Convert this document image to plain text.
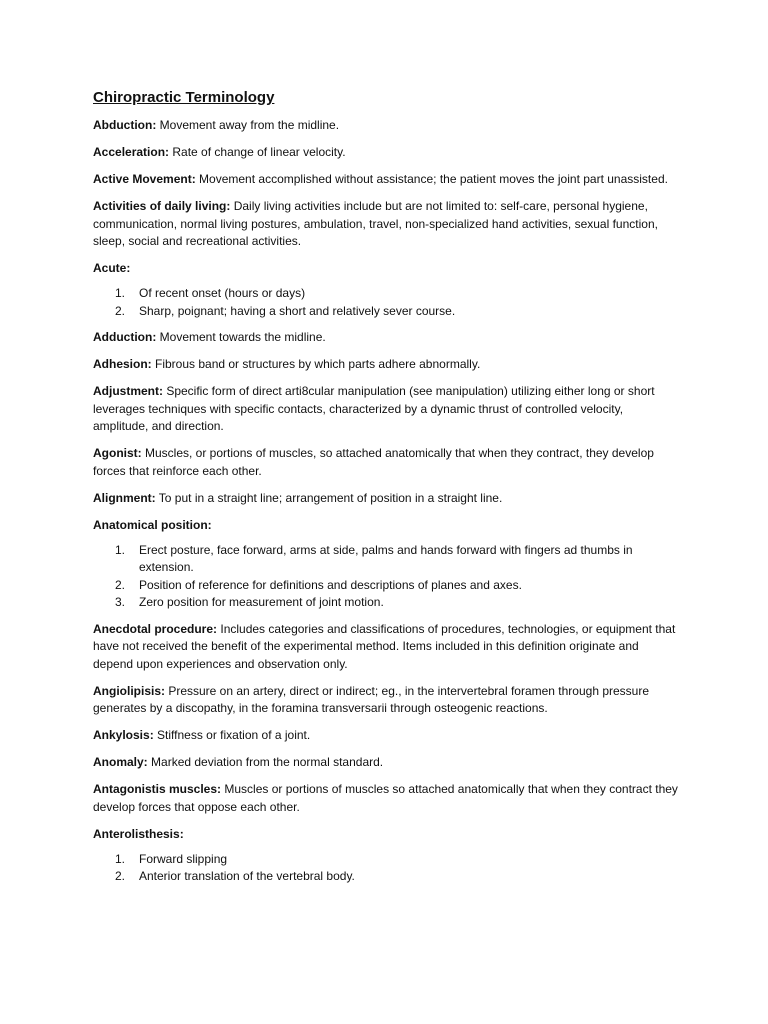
Chiropractic Terminology
Abduction: Movement away from the midline.
Acceleration: Rate of change of linear velocity.
Active Movement: Movement accomplished without assistance; the patient moves the joint part unassisted.
Activities of daily living: Daily living activities include but are not limited to: self-care, personal hygiene, communication, normal living postures, ambulation, travel, non-specialized hand activities, sexual function, sleep, social and recreational activities.
Acute:
1. Of recent onset (hours or days)
2. Sharp, poignant; having a short and relatively sever course.
Adduction: Movement towards the midline.
Adhesion: Fibrous band or structures by which parts adhere abnormally.
Adjustment: Specific form of direct arti8cular manipulation (see manipulation) utilizing either long or short leverages techniques with specific contacts, characterized by a dynamic thrust of controlled velocity, amplitude, and direction.
Agonist: Muscles, or portions of muscles, so attached anatomically that when they contract, they develop forces that reinforce each other.
Alignment: To put in a straight line; arrangement of position in a straight line.
Anatomical position:
1. Erect posture, face forward, arms at side, palms and hands forward with fingers ad thumbs in extension.
2. Position of reference for definitions and descriptions of planes and axes.
3. Zero position for measurement of joint motion.
Anecdotal procedure: Includes categories and classifications of procedures, technologies, or equipment that have not received the benefit of the experimental method. Items included in this definition originate and depend upon experiences and observation only.
Angiolipisis: Pressure on an artery, direct or indirect; eg., in the intervertebral foramen through pressure generates by a discopathy, in the foramina transversarii through osteogenic reactions.
Ankylosis: Stiffness or fixation of a joint.
Anomaly: Marked deviation from the normal standard.
Antagonistis muscles: Muscles or portions of muscles so attached anatomically that when they contract they develop forces that oppose each other.
Anterolisthesis:
1. Forward slipping
2. Anterior translation of the vertebral body.
